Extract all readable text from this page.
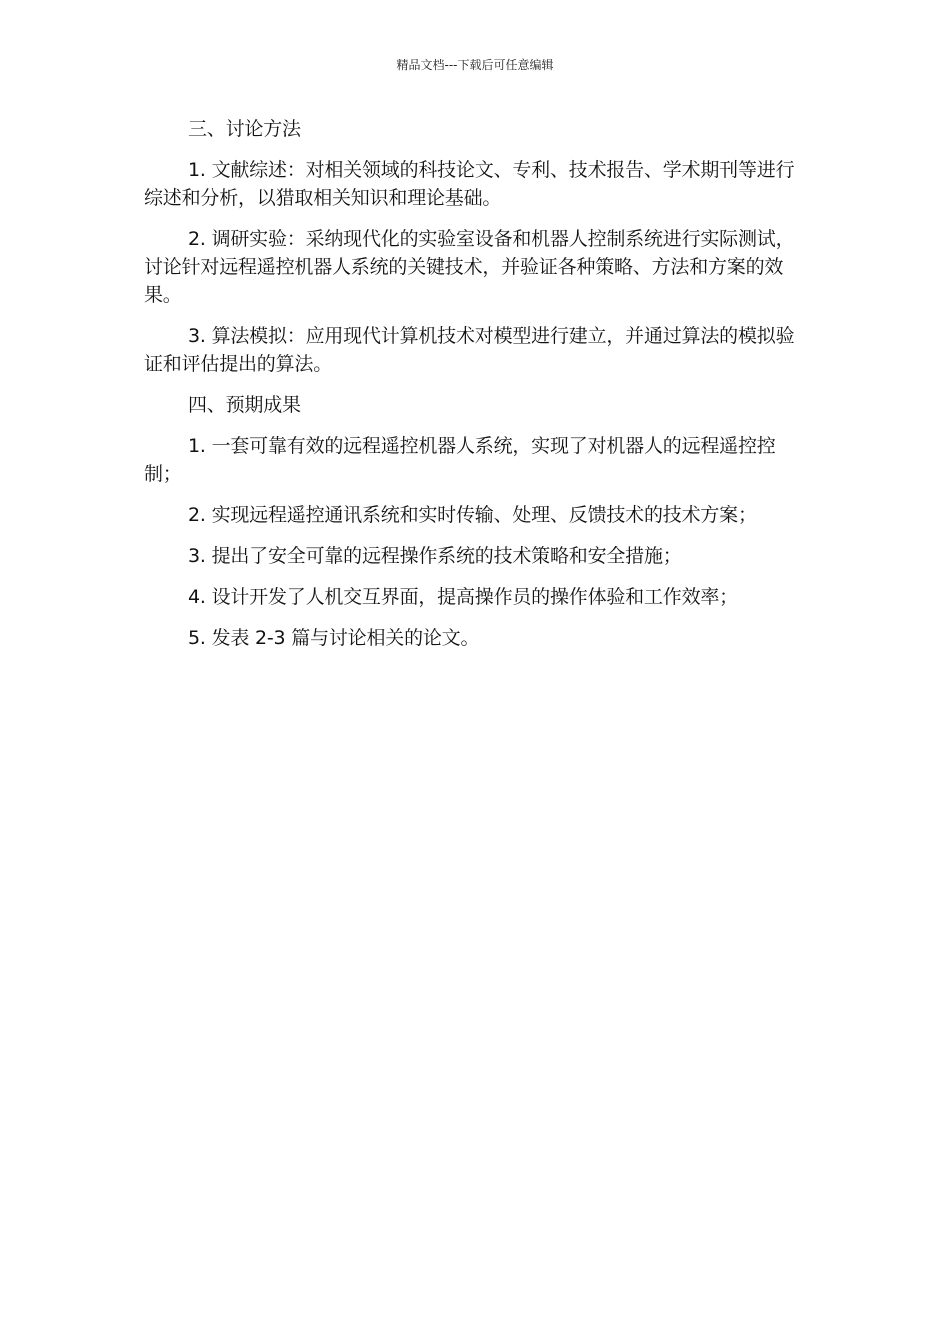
精品文档---下载后可任意编辑

三、讨论方法

1. 文献综述：对相关领域的科技论文、专利、技术报告、学术期刊等进行综述和分析，以猎取相关知识和理论基础。

2. 调研实验：采纳现代化的实验室设备和机器人控制系统进行实际测试，讨论针对远程遥控机器人系统的关键技术，并验证各种策略、方法和方案的效果。

3. 算法模拟：应用现代计算机技术对模型进行建立，并通过算法的模拟验证和评估提出的算法。

四、预期成果

1. 一套可靠有效的远程遥控机器人系统，实现了对机器人的远程遥控控制；

2. 实现远程遥控通讯系统和实时传输、处理、反馈技术的技术方案；

3. 提出了安全可靠的远程操作系统的技术策略和安全措施；

4. 设计开发了人机交互界面，提高操作员的操作体验和工作效率；

5. 发表 2-3 篇与讨论相关的论文。
